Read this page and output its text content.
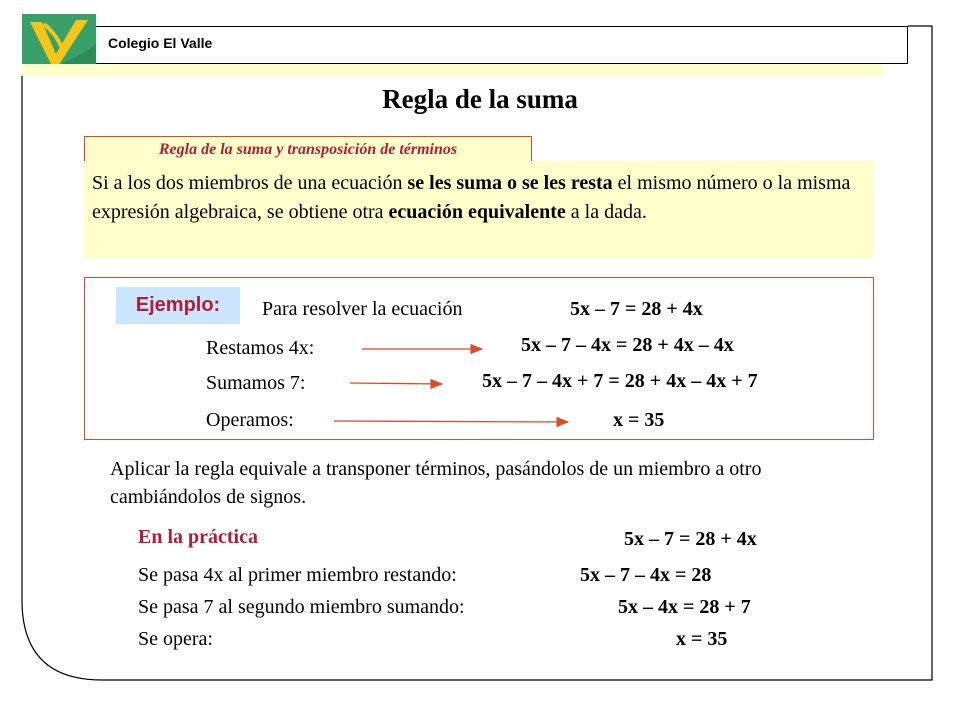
Colegio El Valle
Regla de la suma
Regla de la suma y transposición de términos
Si a los dos miembros de una ecuación se les suma o se les resta el mismo número o la misma expresión algebraica, se obtiene otra ecuación equivalente a la dada.
Ejemplo:	Para resolver la ecuación	5x – 7 = 28 + 4x
Restamos 4x:	5x – 7 – 4x = 28 + 4x – 4x
Sumamos 7:	5x – 7 – 4x + 7 = 28 + 4x – 4x + 7
Operamos:	x = 35
Aplicar la regla equivale a transponer términos, pasándolos de un miembro a otro cambiándolos de signos.
En la práctica	5x – 7 = 28 + 4x
Se pasa 4x al primer miembro restando:	5x – 7 – 4x = 28
Se pasa 7 al segundo miembro sumando:	5x – 4x = 28 + 7
Se opera:	x = 35
